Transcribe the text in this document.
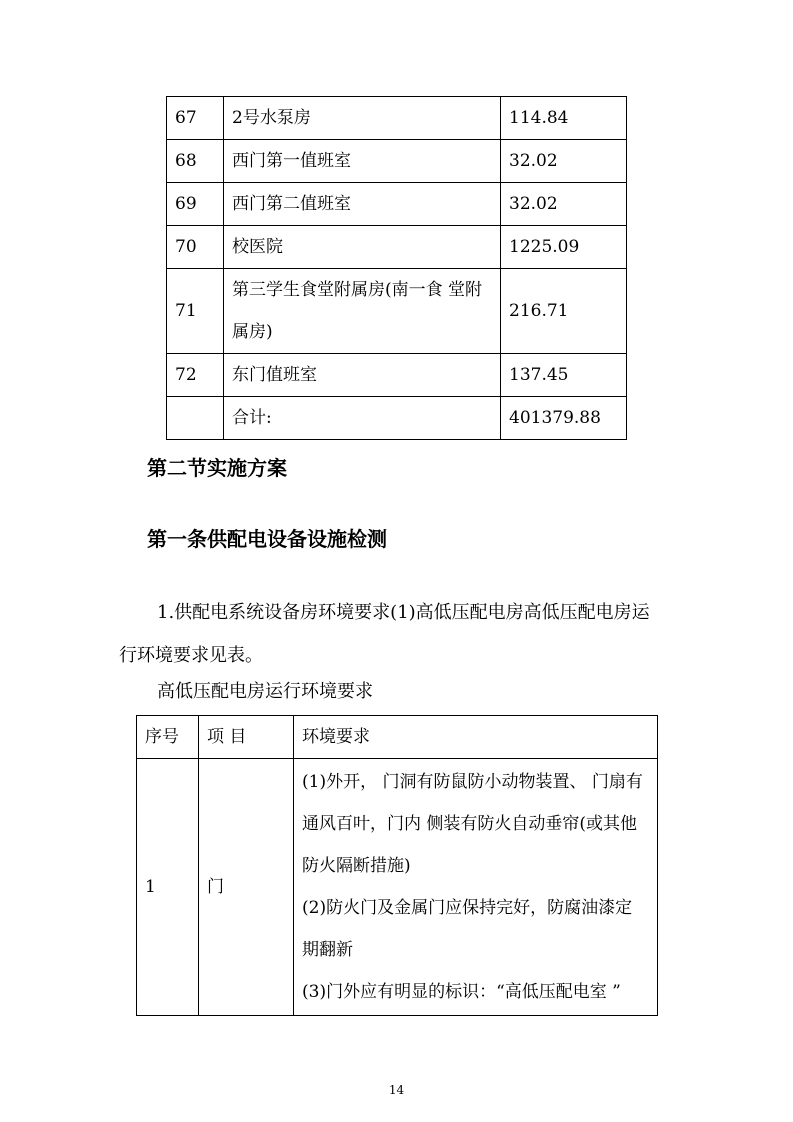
67	2号水泵房	114.84
68	西门第一值班室	32.02
69	西门第二值班室	32.02
70	校医院	1225.09
71	第三学生食堂附属房(南一食 堂附属房)	216.71
72	东门值班室	137.45
	合计:	401379.88
第二节实施方案
第一条供配电设备设施检测
1.供配电系统设备房环境要求(1)高低压配电房高低压配电房运行环境要求见表。
高低压配电房运行环境要求
序号	项 目	环境要求
1	门	(1)外开， 门洞有防鼠防小动物装置、 门扇有通风百叶，门内 侧装有防火自动垂帘(或其他防火隔断措施)
(2)防火门及金属门应保持完好，防腐油漆定期翻新
(3)门外应有明显的标识：“高低压配电室 ”
14
